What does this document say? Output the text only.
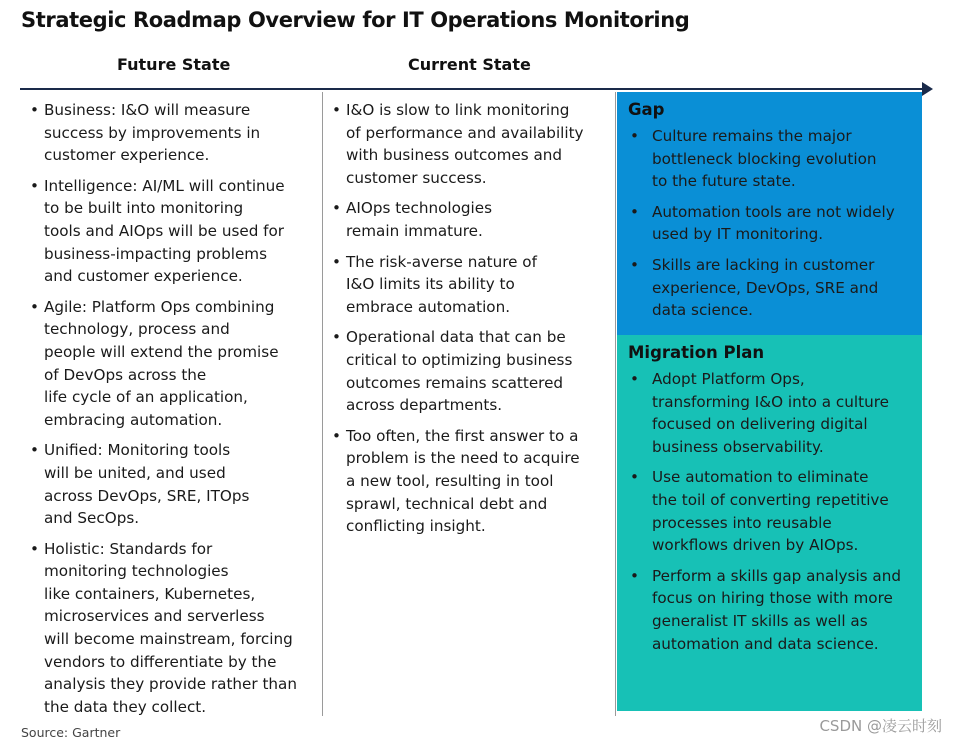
Strategic Roadmap Overview for IT Operations Monitoring
Future State	Current State
• Business: I&O will measure
success by improvements in
customer experience.
• Intelligence: AI/ML will continue
to be built into monitoring
tools and AIOps will be used for
business-impacting problems
and customer experience.
• Agile: Platform Ops combining
technology, process and
people will extend the promise
of DevOps across the
life cycle of an application,
embracing automation.
• Unified: Monitoring tools
will be united, and used
across DevOps, SRE, ITOps
and SecOps.
• Holistic: Standards for
monitoring technologies
like containers, Kubernetes,
microservices and serverless
will become mainstream, forcing
vendors to differentiate by the
analysis they provide rather than
the data they collect.
• I&O is slow to link monitoring
of performance and availability
with business outcomes and
customer success.
• AIOps technologies
remain immature.
• The risk-averse nature of
I&O limits its ability to
embrace automation.
• Operational data that can be
critical to optimizing business
outcomes remains scattered
across departments.
• Too often, the first answer to a
problem is the need to acquire
a new tool, resulting in tool
sprawl, technical debt and
conflicting insight.
Gap
• Culture remains the major
bottleneck blocking evolution
to the future state.
• Automation tools are not widely
used by IT monitoring.
• Skills are lacking in customer
experience, DevOps, SRE and
data science.
Migration Plan
• Adopt Platform Ops,
transforming I&O into a culture
focused on delivering digital
business observability.
• Use automation to eliminate
the toil of converting repetitive
processes into reusable
workflows driven by AIOps.
• Perform a skills gap analysis and
focus on hiring those with more
generalist IT skills as well as
automation and data science.
Source: Gartner	CSDN @凌云时刻
